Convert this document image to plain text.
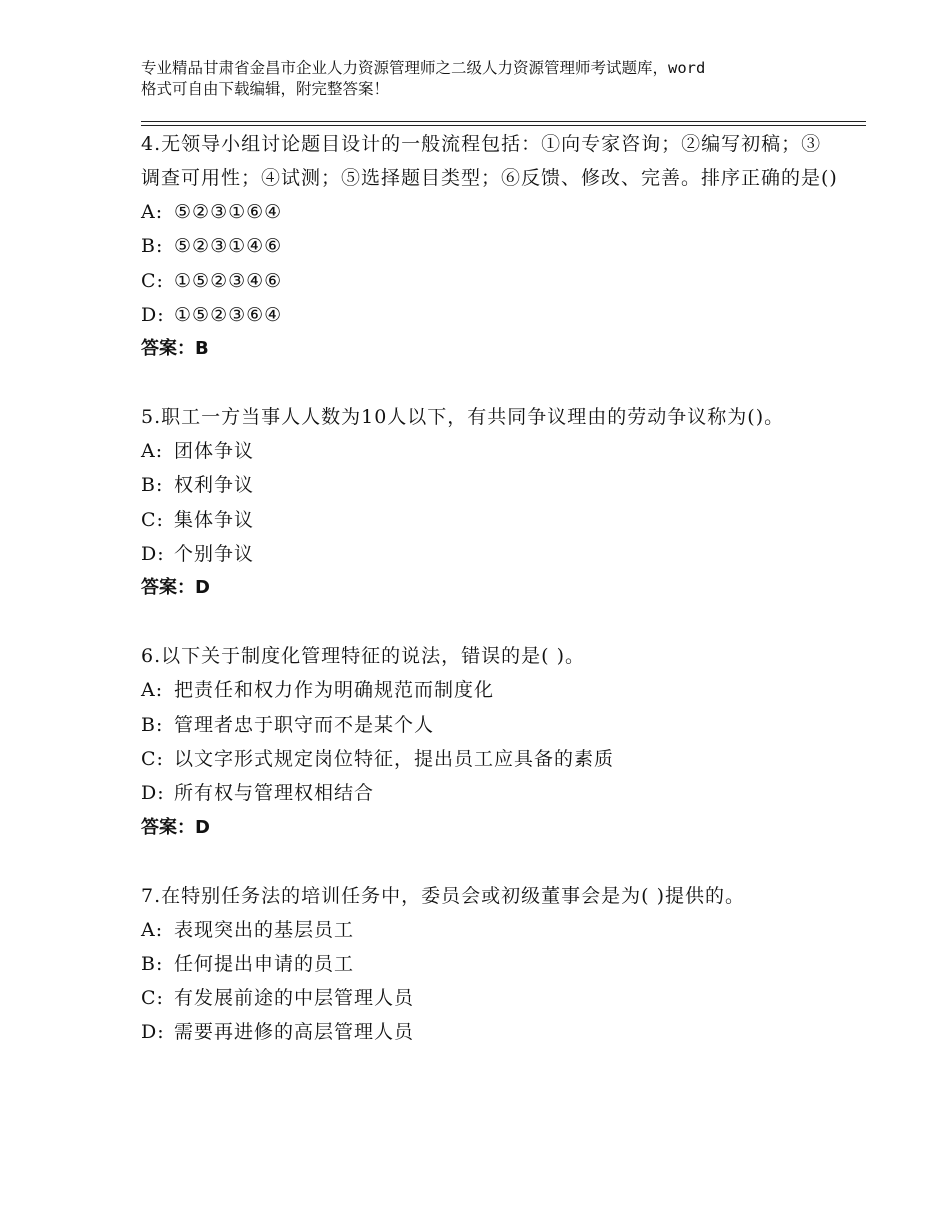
专业精品甘肃省金昌市企业人力资源管理师之二级人力资源管理师考试题库，word
格式可自由下载编辑，附完整答案！

4.无领导小组讨论题目设计的一般流程包括：①向专家咨询；②编写初稿；③调查可用性；④试测；⑤选择题目类型；⑥反馈、修改、完善。排序正确的是()

A: ⑤②③①⑥④

B: ⑤②③①④⑥

C: ①⑤②③④⑥

D: ①⑤②③⑥④

答案：B

5.职工一方当事人人数为10人以下，有共同争议理由的劳动争议称为()。

A: 团体争议

B: 权利争议

C: 集体争议

D: 个别争议

答案：D

6.以下关于制度化管理特征的说法，错误的是( )。

A: 把责任和权力作为明确规范而制度化

B: 管理者忠于职守而不是某个人

C: 以文字形式规定岗位特征，提出员工应具备的素质

D: 所有权与管理权相结合

答案：D

7.在特别任务法的培训任务中，委员会或初级董事会是为( )提供的。

A: 表现突出的基层员工

B: 任何提出申请的员工

C: 有发展前途的中层管理人员

D: 需要再进修的高层管理人员
